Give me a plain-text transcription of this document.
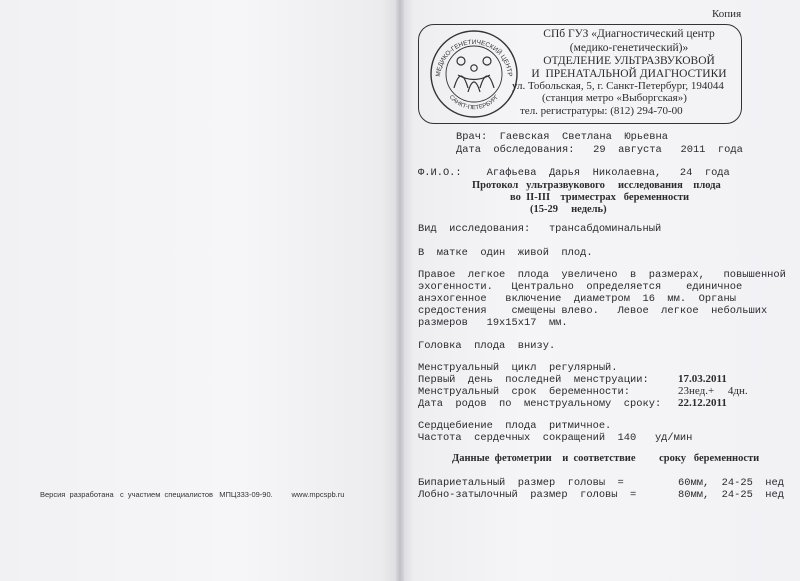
Версия  разработана   с  участием  специалистов   МПЦ333-09-90.         www.mpcspb.ru
Копия
МЕДИКО-ГЕНЕТИЧЕСКИЙ ЦЕНТР
САНКТ-ПЕТЕРБУРГ
СПб ГУЗ «Диагностический центр
(медико-генетический)»
ОТДЕЛЕНИЕ УЛЬТРАЗВУКОВОЙ
И  ПРЕНАТАЛЬНОЙ ДИАГНОСТИКИ
ул. Тобольская, 5, г. Санкт-Петербург, 194044
(станция метро «Выборгская»)
тел. регистратуры: (812) 294-70-00
Врач:  Гаевская  Светлана  Юрьевна
Дата  обследования:   29  августа   2011  года
Ф.И.О.:    Агафьева  Дарья  Николаевна,   24  года
Протокол   ультразвукового     исследования    плода
во  II-III    триместрах   беременности
(15-29     недель)
Вид  исследования:   трансабдоминальный
В  матке  один  живой  плод.
Правое  легкое  плода  увеличено  в  размерах,   повышенной
эхогенности.   Центрально  определяется    единичное
анэхогенное   включение  диаметром  16  мм.  Органы
средостения    смещены влево.   Левое  легкое  небольших
размеров   19х15х17  мм.
Головка  плода  внизу.
Менструальный  цикл  регулярный.
Первый  день  последней  менструации:	17.03.2011
Менструальный  срок  беременности:	23нед.+     4дн.
Дата  родов  по  менструальному  сроку: 22.12.2011
Сердцебиение  плода  ритмичное.
Частота  сердечных  сокращений  140   уд/мин
Данные  фетометрии    и  соответствие         сроку   беременности
Бипариетальный  размер  головы  =	60мм,  24-25  нед
Лобно-затылочный  размер  головы  =	80мм,  24-25  нед
